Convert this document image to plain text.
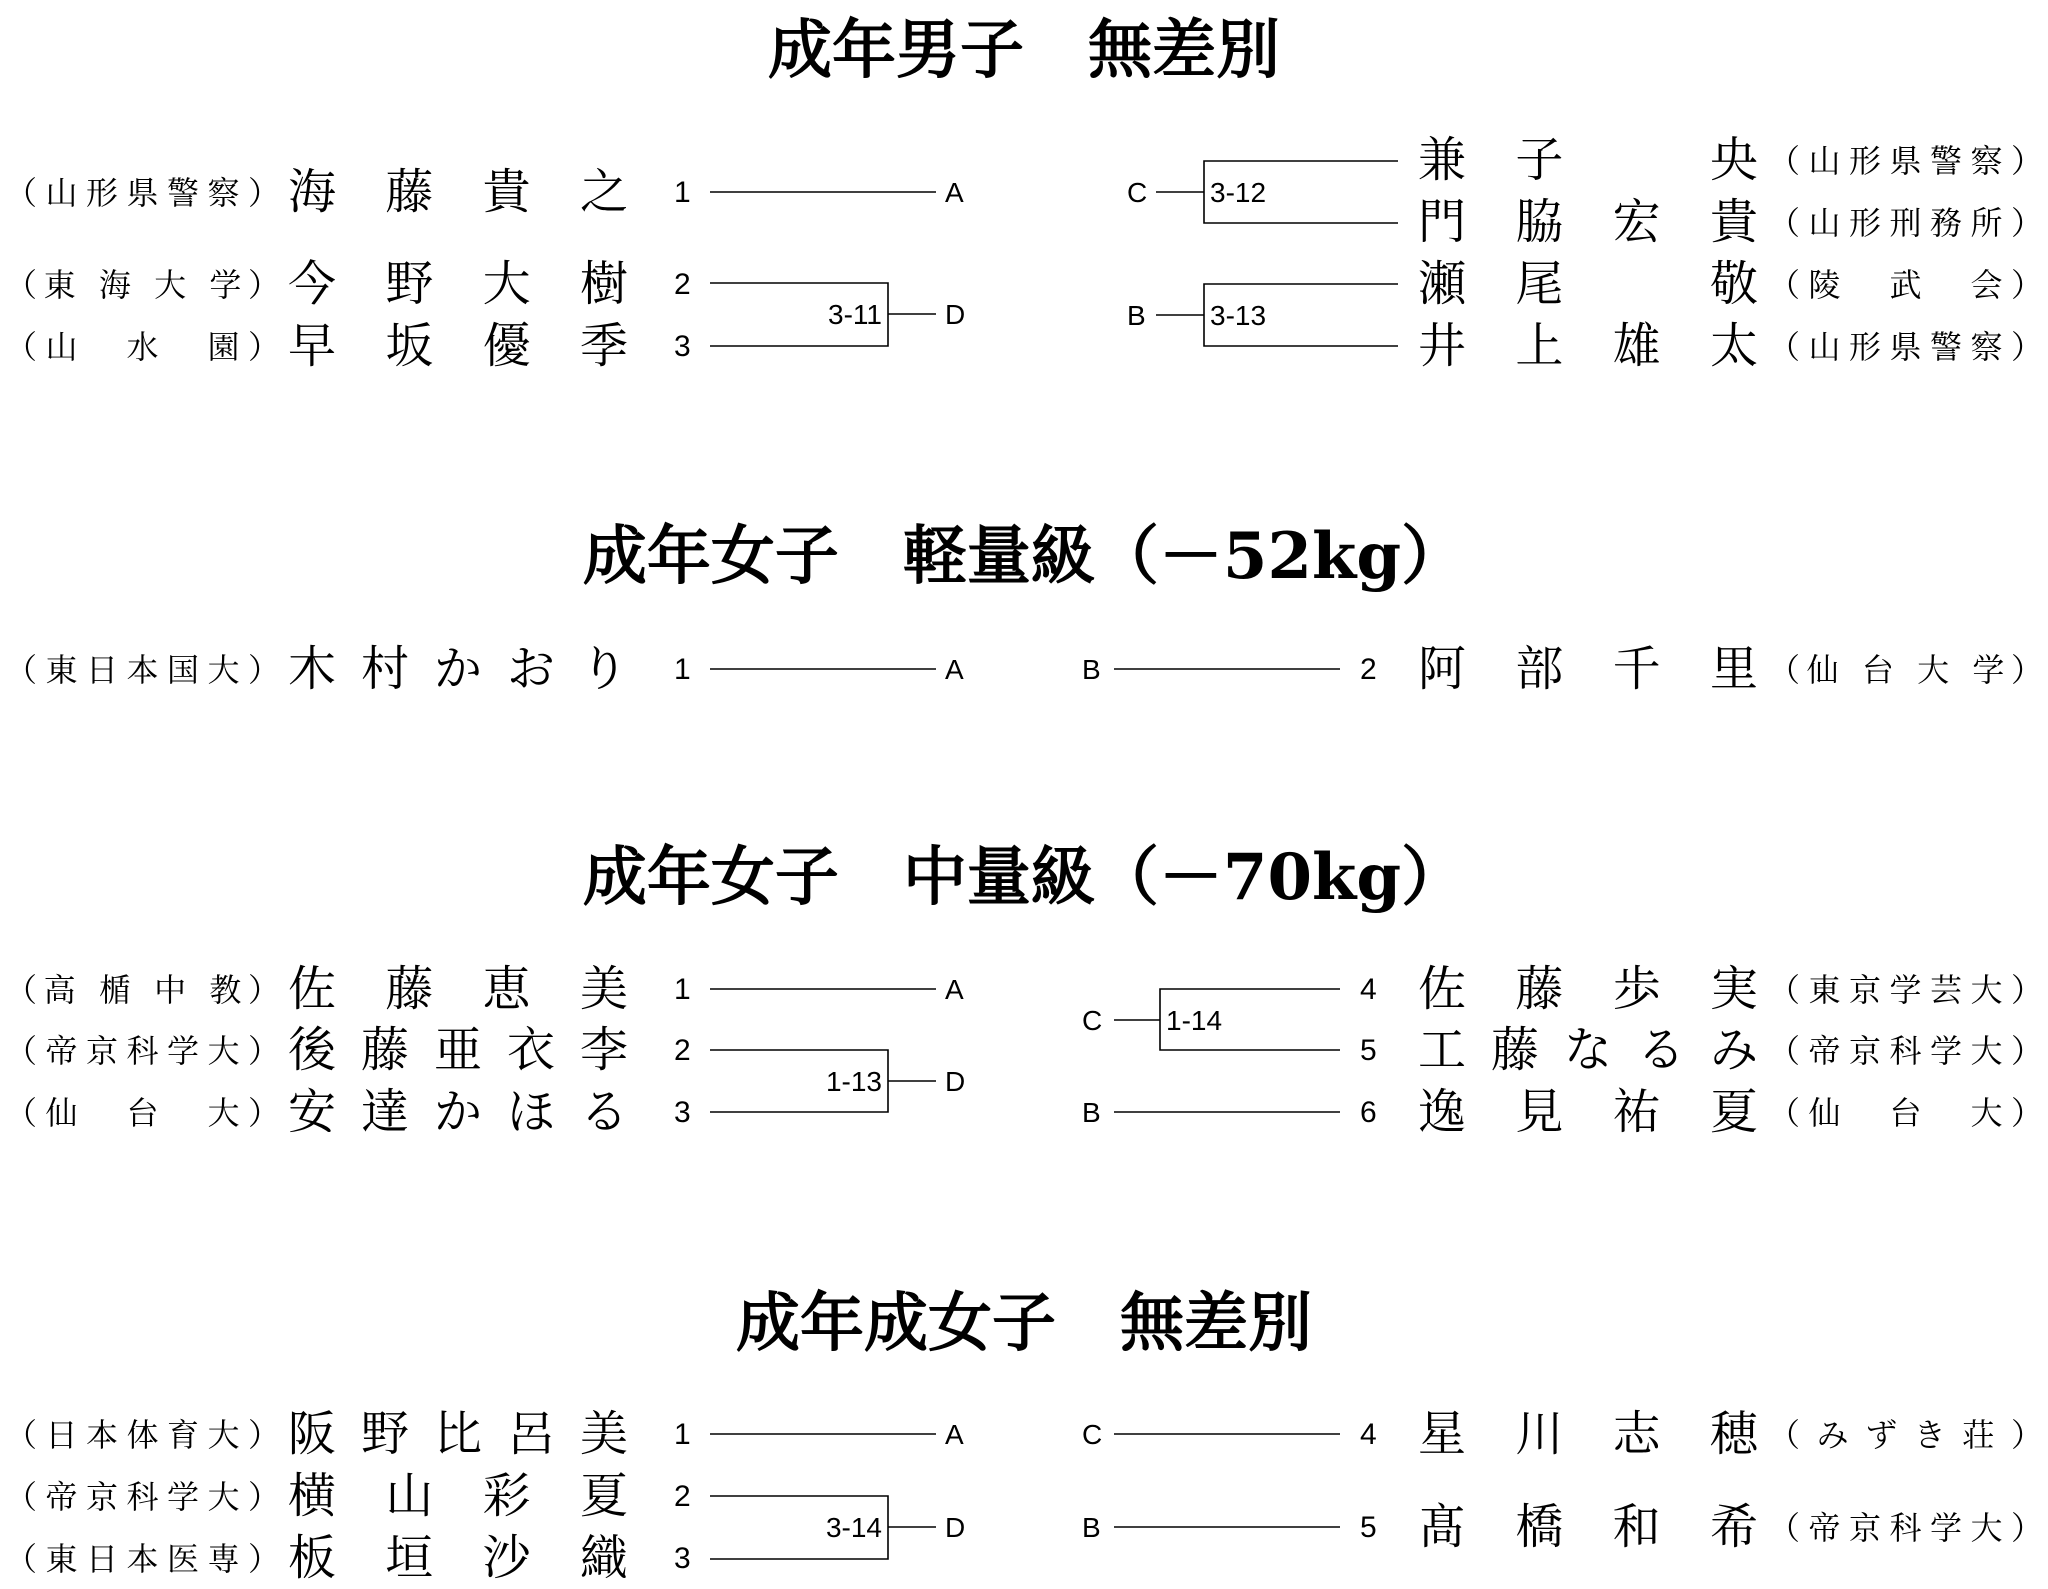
成年男子　無差別
（山形県警察） 海藤貴之 1
（東 海 大 学） 今野大樹 2
（山　水　園） 早坂優季 3
A
3-11 D
C 3-12
B 3-13
兼子　央 （山形県警察）
門脇宏貴 （山形刑務所）
瀬尾　敬 （陵　武　会）
井上雄太 （山形県警察）
成年女子　軽量級（－52kg）
（東日本国大） 木村かおり 1	A	B	2 阿部千里 （仙 台 大 学）
成年女子　中量級（－70kg）
（高 楯 中 教） 佐藤恵美 1
（帝京科学大） 後藤亜衣李 2
（仙　台　大） 安達かほる 3
A
1-13 D
C 1-14
B
4 佐藤歩実 （東京学芸大）
5 工藤なるみ （帝京科学大）
6 逸見祐夏 （仙　台　大）
成年成女子　無差別
（日本体育大） 阪野比呂美 1
（帝京科学大） 横山彩夏 2
（東日本医専） 板垣沙織 3
A
3-14 D
C
B
4 星川志穂 （みずき荘）
5 髙橋和希 （帝京科学大）
